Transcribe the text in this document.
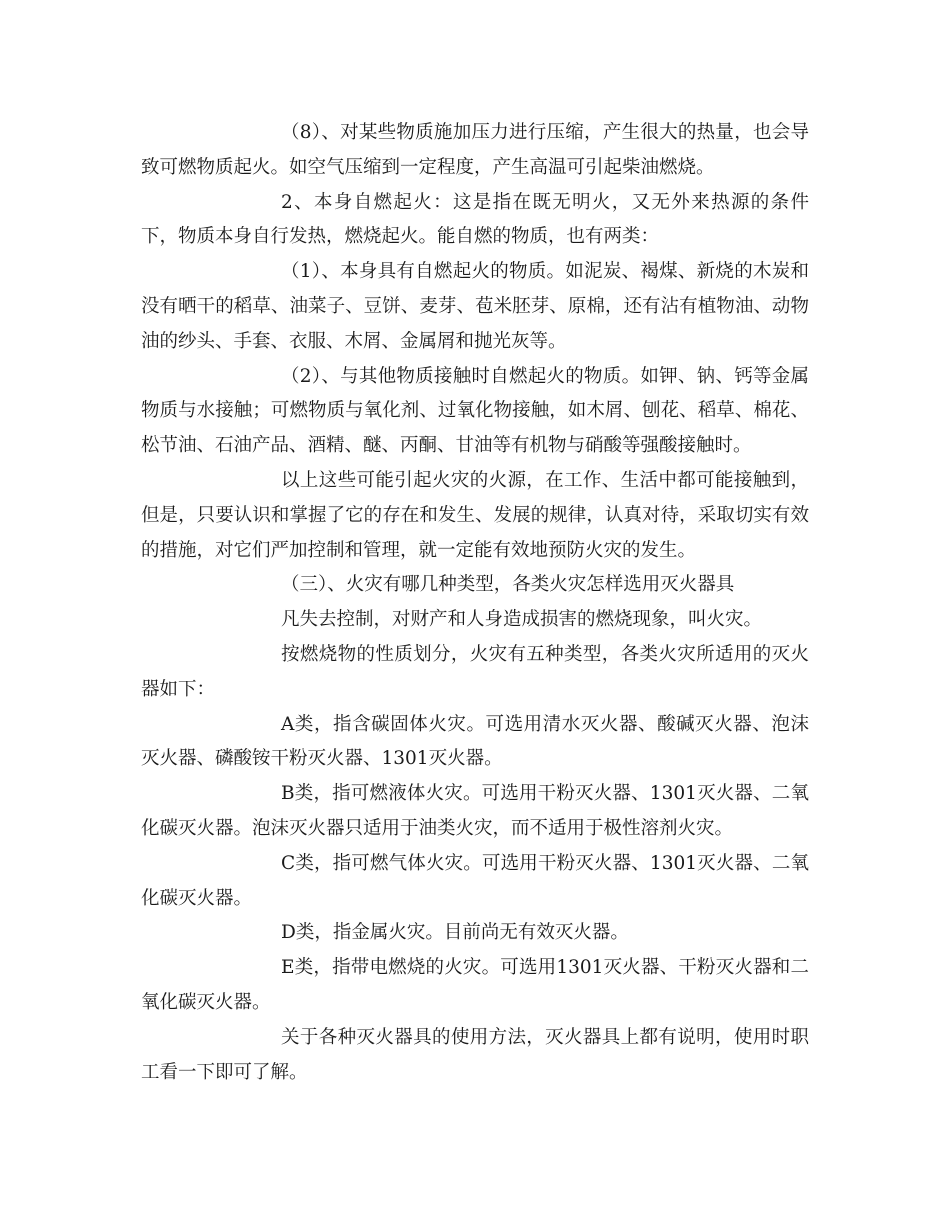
（8）、对某些物质施加压力进行压缩，产生很大的热量，也会导致可燃物质起火。如空气压缩到一定程度，产生高温可引起柴油燃烧。

2、本身自燃起火：这是指在既无明火，又无外来热源的条件下，物质本身自行发热，燃烧起火。能自燃的物质，也有两类：

（1）、本身具有自燃起火的物质。如泥炭、褐煤、新烧的木炭和没有晒干的稻草、油菜子、豆饼、麦芽、苞米胚芽、原棉，还有沾有植物油、动物油的纱头、手套、衣服、木屑、金属屑和抛光灰等。

（2）、与其他物质接触时自燃起火的物质。如钾、钠、钙等金属物质与水接触；可燃物质与氧化剂、过氧化物接触，如木屑、刨花、稻草、棉花、松节油、石油产品、酒精、醚、丙酮、甘油等有机物与硝酸等强酸接触时。

以上这些可能引起火灾的火源，在工作、生活中都可能接触到，但是，只要认识和掌握了它的存在和发生、发展的规律，认真对待，采取切实有效的措施，对它们严加控制和管理，就一定能有效地预防火灾的发生。

（三）、火灾有哪几种类型，各类火灾怎样选用灭火器具

凡失去控制，对财产和人身造成损害的燃烧现象，叫火灾。

按燃烧物的性质划分，火灾有五种类型，各类火灾所适用的灭火器如下：

A类，指含碳固体火灾。可选用清水灭火器、酸碱灭火器、泡沫灭火器、磷酸铵干粉灭火器、1301灭火器。

B类，指可燃液体火灾。可选用干粉灭火器、1301灭火器、二氧化碳灭火器。泡沫灭火器只适用于油类火灾，而不适用于极性溶剂火灾。

C类，指可燃气体火灾。可选用干粉灭火器、1301灭火器、二氧化碳灭火器。

D类，指金属火灾。目前尚无有效灭火器。

E类，指带电燃烧的火灾。可选用1301灭火器、干粉灭火器和二氧化碳灭火器。

关于各种灭火器具的使用方法，灭火器具上都有说明，使用时职工看一下即可了解。
